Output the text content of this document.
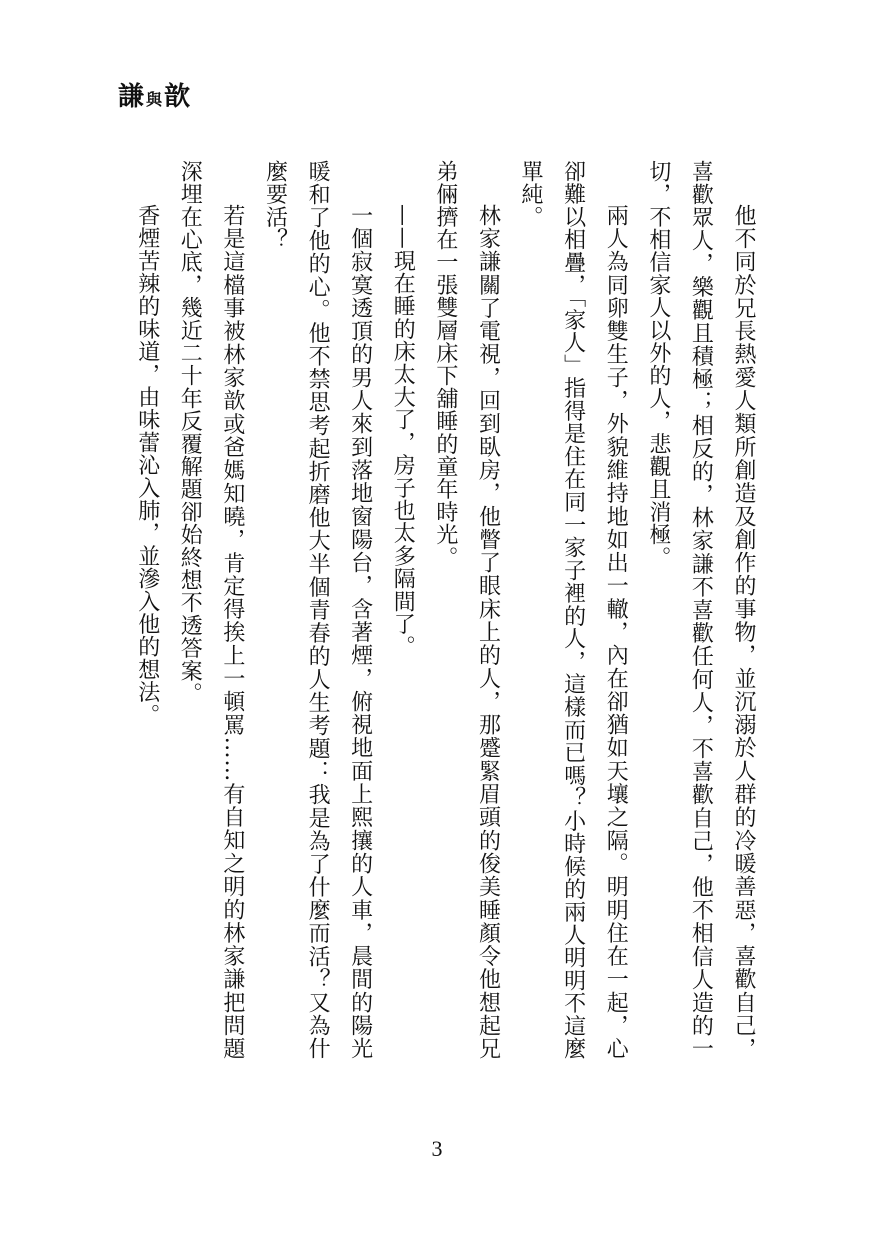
謙與歆

他不同於兄長熱愛人類所創造及創作的事物，並沉溺於人群的冷暖善惡，喜歡自己，喜歡眾人，樂觀且積極；相反的，林家謙不喜歡任何人，不喜歡自己，他不相信人造的一切，不相信家人以外的人，悲觀且消極。

兩人為同卵雙生子，外貌維持地如出一轍，內在卻猶如天壤之隔。明明住在一起，心卻難以相疊，「家人」指得是住在同一家子裡的人，這樣而已嗎？小時候的兩人明明不這麼單純。

林家謙關了電視，回到臥房，他瞥了眼床上的人，那蹙緊眉頭的俊美睡顏令他想起兄弟倆擠在一張雙層床下舖睡的童年時光。

——現在睡的床太大了，房子也太多隔間了。

一個寂寞透頂的男人來到落地窗陽台，含著煙，俯視地面上熙攘的人車，晨間的陽光暖和了他的心。他不禁思考起折磨他大半個青春的人生考題：我是為了什麼而活？又為什麼要活？

若是這檔事被林家歆或爸媽知曉，肯定得挨上一頓罵……有自知之明的林家謙把問題深埋在心底，幾近二十年反覆解題卻始終想不透答案。

香煙苦辣的味道，由味蕾沁入肺，並滲入他的想法。

3
